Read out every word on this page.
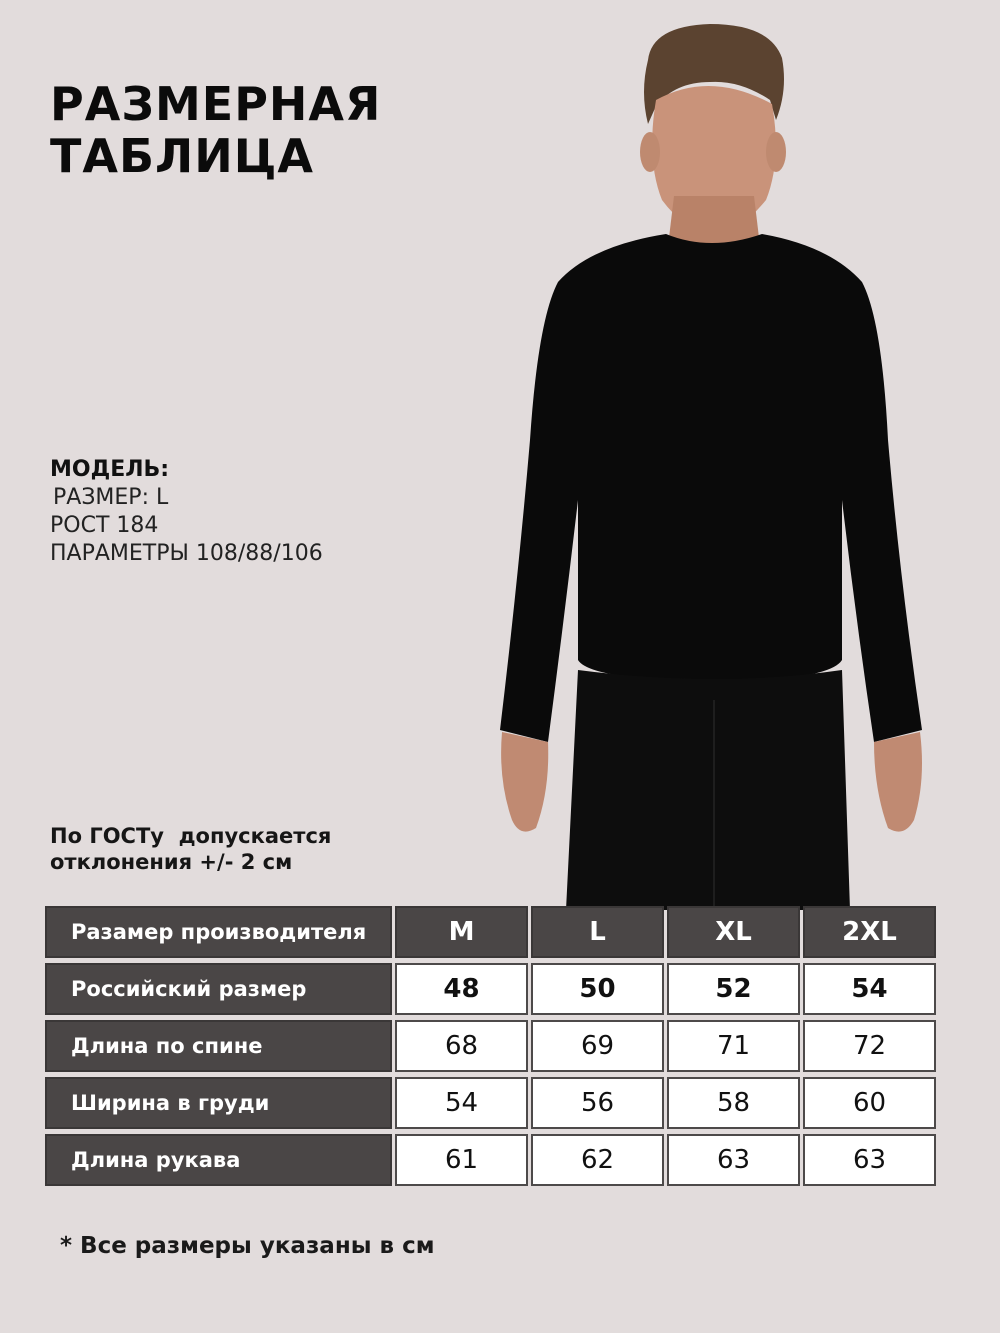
РАЗМЕРНАЯ
ТАБЛИЦА
МОДЕЛЬ:
РАЗМЕР: L
РОСТ 184
ПАРАМЕТРЫ 108/88/106
По ГОСТу  допускается
отклонения +/- 2 см
Разамер производителя	M	L	XL	2XL
Российский размер	48	50	52	54
Длина по спине	68	69	71	72
Ширина в груди	54	56	58	60
Длина рукава	61	62	63	63
* Все размеры указаны в см
